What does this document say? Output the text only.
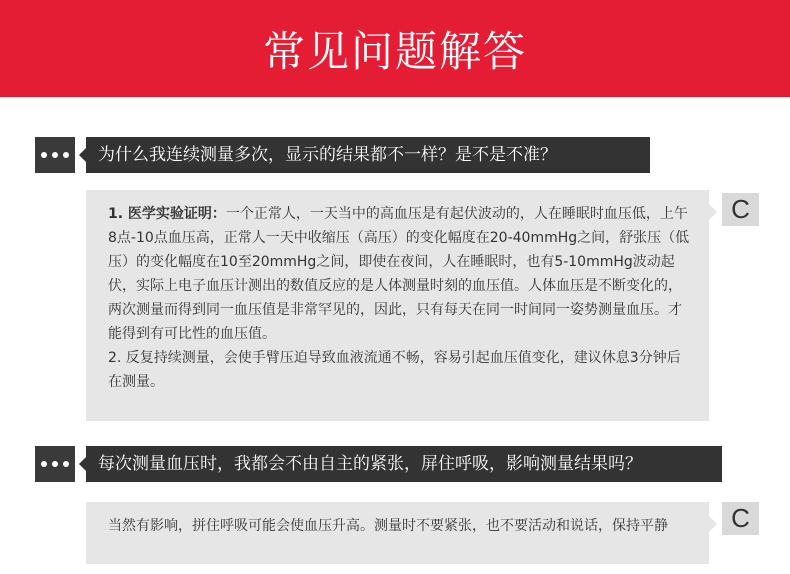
常见问题解答
为什么我连续测量多次，显示的结果都不一样？是不是不准？

1. 医学实验证明：一个正常人，一天当中的高血压是有起伏波动的，人在睡眠时血压低，上午8点-10点血压高，正常人一天中收缩压（高压）的变化幅度在20-40mmHg之间，舒张压（低压）的变化幅度在10至20mmHg之间，即使在夜间，人在睡眠时，也有5-10mmHg波动起伏，实际上电子血压计测出的数值反应的是人体测量时刻的血压值。人体血压是不断变化的，两次测量而得到同一血压值是非常罕见的，因此，只有每天在同一时间同一姿势测量血压。才能得到有可比性的血压值。

2. 反复持续测量，会使手臂压迫导致血液流通不畅，容易引起血压值变化，建议休息3分钟后在测量。

C
每次测量血压时，我都会不由自主的紧张，屏住呼吸，影响测量结果吗？

当然有影响，拼住呼吸可能会使血压升高。测量时不要紧张，也不要活动和说话，保持平静	C
